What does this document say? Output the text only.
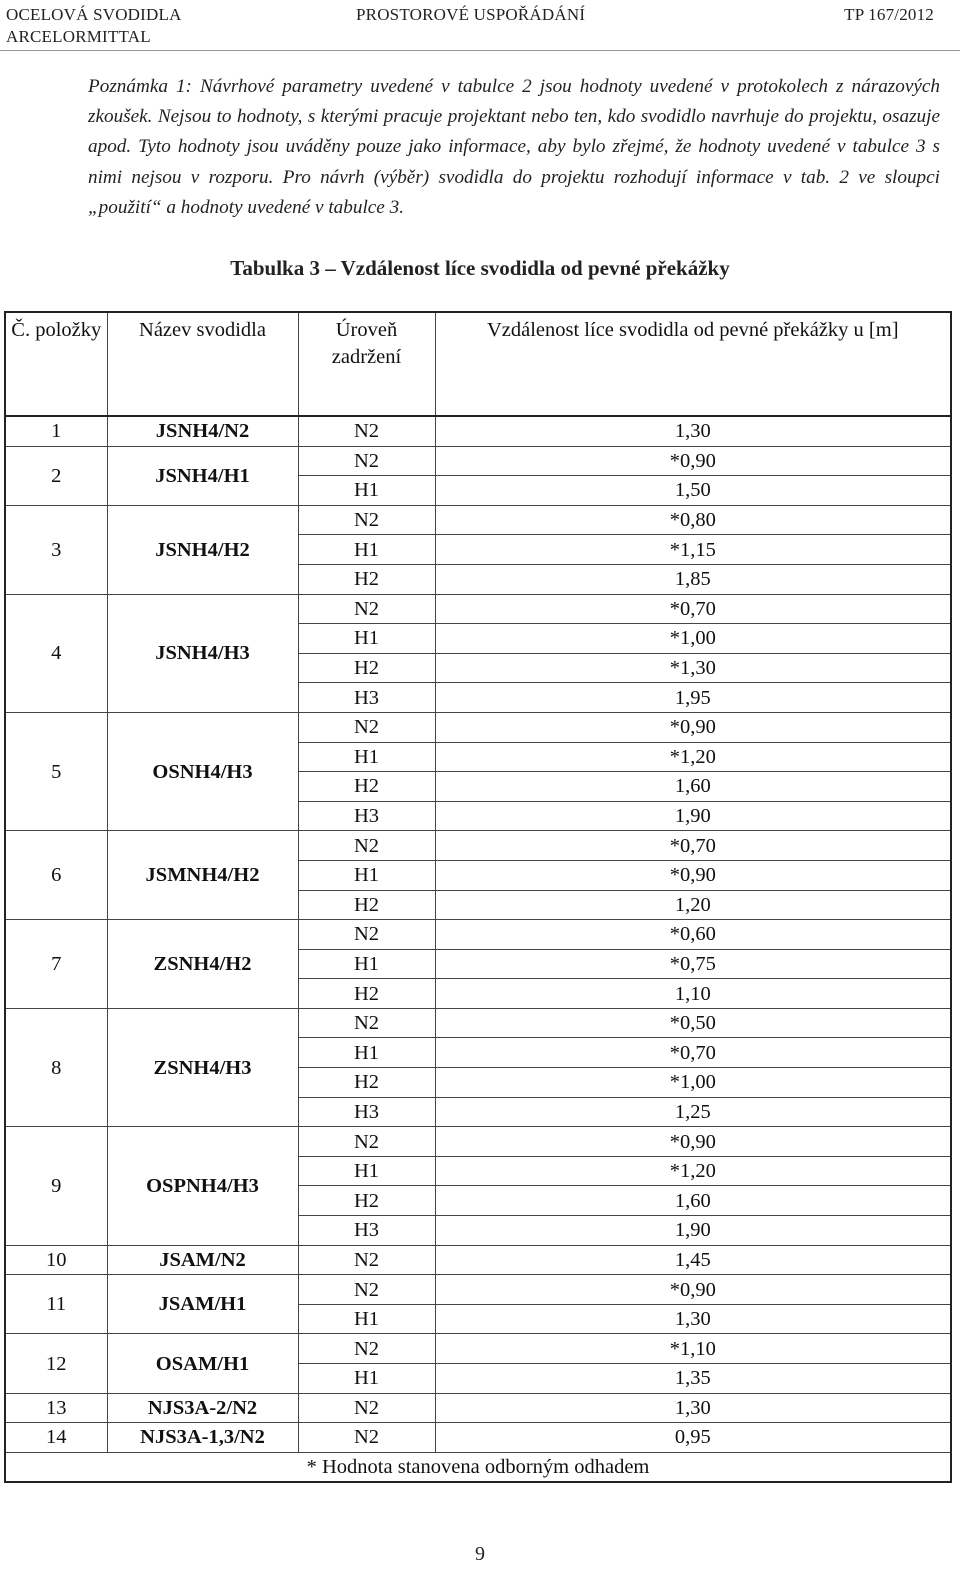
OCELOVÁ SVODIDLA
ARCELORMITTAL
PROSTOROVÉ USPOŘÁDÁNÍ	TP 167/2012

Poznámka 1: Návrhové parametry uvedené v tabulce 2 jsou hodnoty uvedené v protokolech z nárazových zkoušek. Nejsou to hodnoty, s kterými pracuje projektant nebo ten, kdo svodidlo navrhuje do projektu, osazuje apod. Tyto hodnoty jsou uváděny pouze jako informace, aby bylo zřejmé, že hodnoty uvedené v tabulce 3 s nimi nejsou v rozporu. Pro návrh (výběr) svodidla do projektu rozhodují informace v tab. 2 ve sloupci „použití“ a hodnoty uvedené v tabulce 3.

Tabulka 3 – Vzdálenost líce svodidla od pevné překážky
Č. položky	Název svodidla	Úroveň zadržení	Vzdálenost líce svodidla od pevné překážky u [m]
1	JSNH4/N2	N2	1,30
2	JSNH4/H1	N2	*0,90
		H1	1,50
3	JSNH4/H2	N2	*0,80
		H1	*1,15
		H2	1,85
4	JSNH4/H3	N2	*0,70
		H1	*1,00
		H2	*1,30
		H3	1,95
5	OSNH4/H3	N2	*0,90
		H1	*1,20
		H2	1,60
		H3	1,90
6	JSMNH4/H2	N2	*0,70
		H1	*0,90
		H2	1,20
7	ZSNH4/H2	N2	*0,60
		H1	*0,75
		H2	1,10
8	ZSNH4/H3	N2	*0,50
		H1	*0,70
		H2	*1,00
		H3	1,25
9	OSPNH4/H3	N2	*0,90
		H1	*1,20
		H2	1,60
		H3	1,90
10	JSAM/N2	N2	1,45
11	JSAM/H1	N2	*0,90
		H1	1,30
12	OSAM/H1	N2	*1,10
		H1	1,35
13	NJS3A-2/N2	N2	1,30
14	NJS3A-1,3/N2	N2	0,95
* Hodnota stanovena odborným odhadem			
9
